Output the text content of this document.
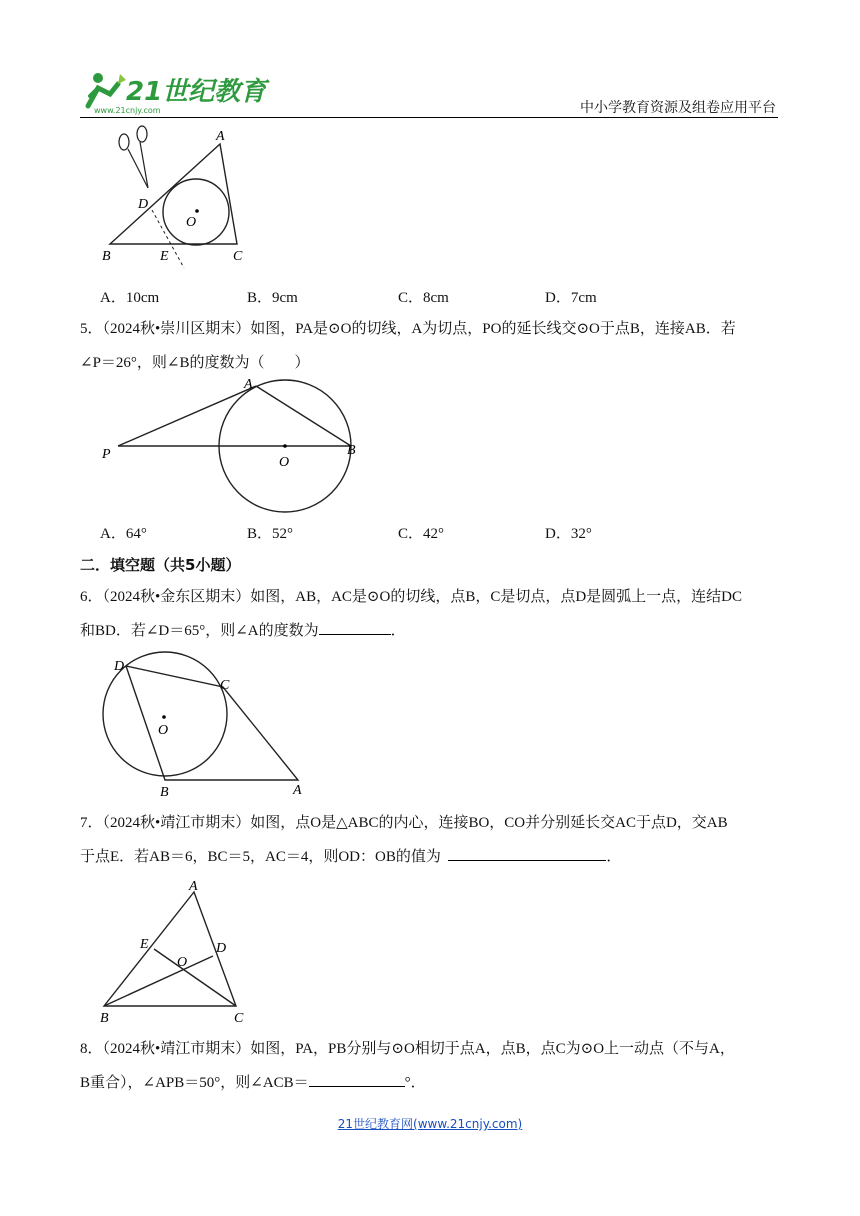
21世纪教育
www.21cnjy.com	中小学教育资源及组卷应用平台
A
B	C
D
E
O
A．10cm	B．9cm	C．8cm	D．7cm
5．（2024秋•崇川区期末）如图，PA是⊙O的切线，A为切点，PO的延长线交⊙O于点B，连接AB．若
∠P＝26°，则∠B的度数为（　　）
A
P
O
B
A．64°	B．52°	C．42°	D．32°
二．填空题（共5小题）
6．（2024秋•金东区期末）如图，AB，AC是⊙O的切线，点B，C是切点，点D是圆弧上一点，连结DC
和BD．若∠D＝65°，则∠A的度数为	．
D
C
O
B	A
7．（2024秋•靖江市期末）如图，点O是△ABC的内心，连接BO，CO并分别延长交AC于点D，交AB
于点E．若AB＝6，BC＝5，AC＝4，则OD：OB的值为	．
A
E	D
O
B	C
8．（2024秋•靖江市期末）如图，PA，PB分别与⊙O相切于点A，点B，点C为⊙O上一动点（不与A，
B重合），∠APB＝50°，则∠ACB＝	°．
21世纪教育网(www.21cnjy.com)
